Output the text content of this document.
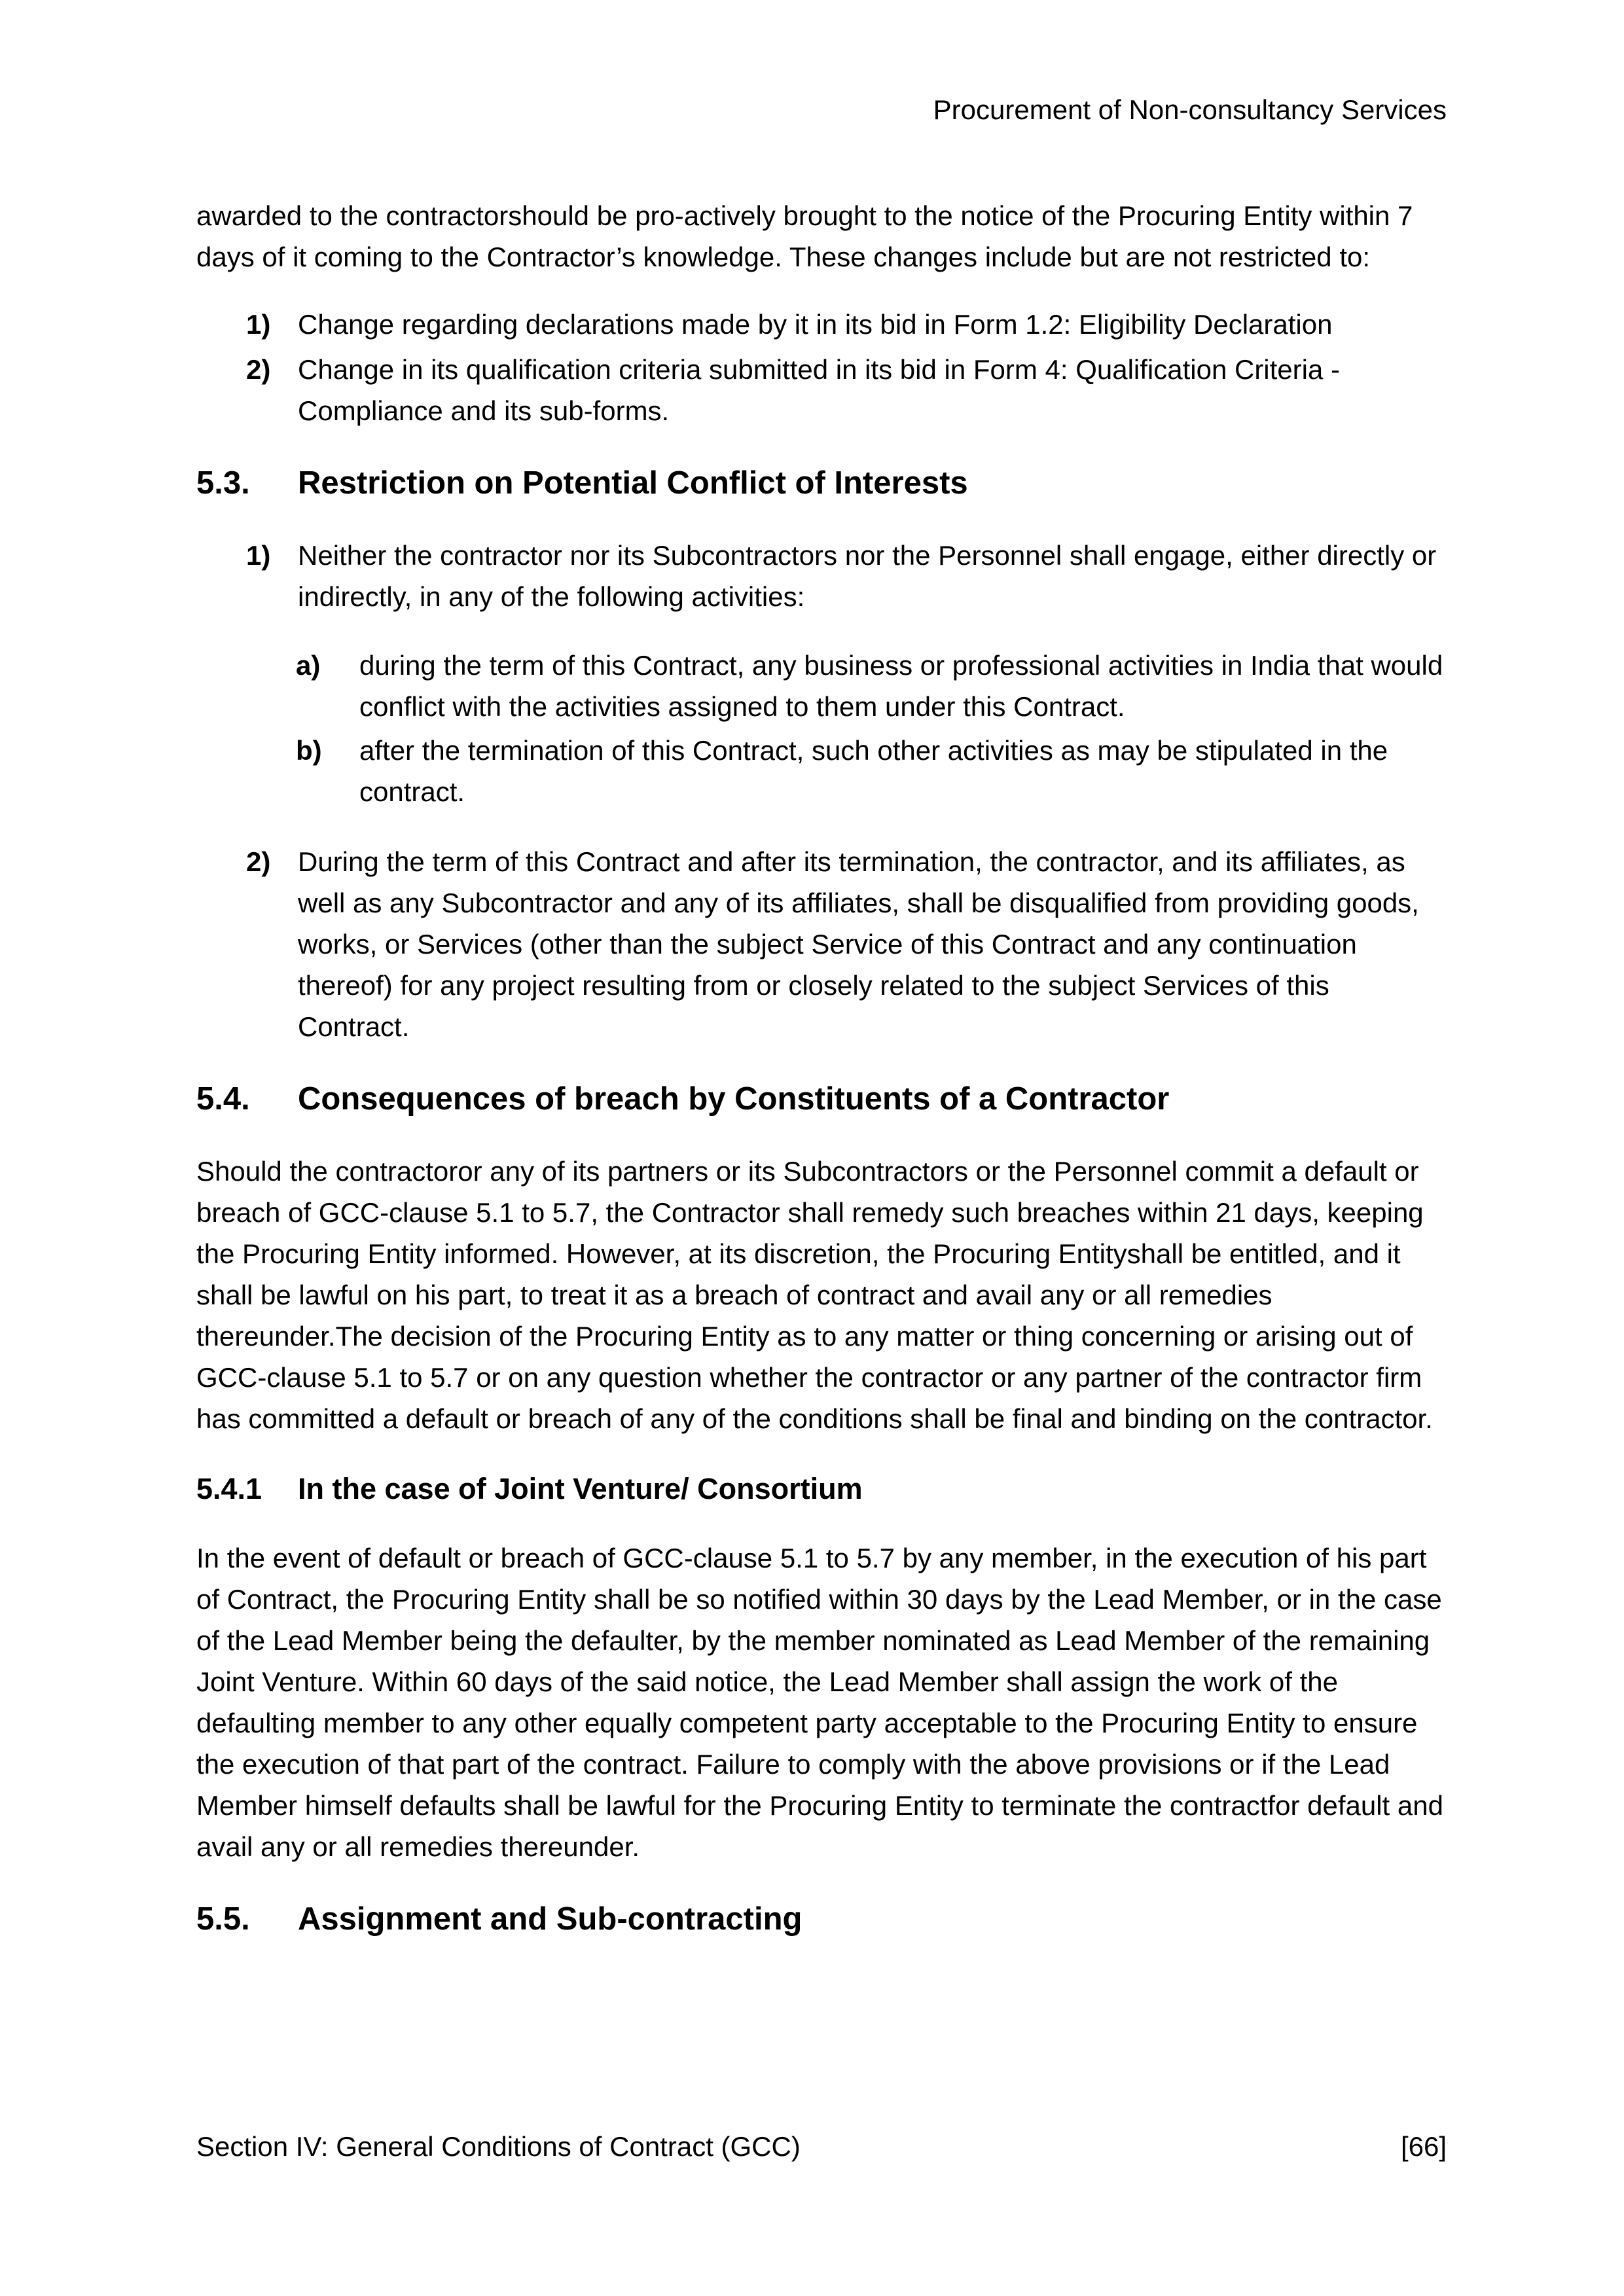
Procurement of Non-consultancy Services

awarded to the contractorshould be pro-actively brought to the notice of the Procuring Entity within 7 days of it coming to the Contractor’s knowledge. These changes include but are not restricted to:

1) Change regarding declarations made by it in its bid in Form 1.2: Eligibility Declaration
2) Change in its qualification criteria submitted in its bid in Form 4: Qualification Criteria - Compliance and its sub-forms.
5.3.	Restriction on Potential Conflict of Interests
1) Neither the contractor nor its Subcontractors nor the Personnel shall engage, either directly or indirectly, in any of the following activities:
a)	during the term of this Contract, any business or professional activities in India that would conflict with the activities assigned to them under this Contract.
b)	after the termination of this Contract, such other activities as may be stipulated in the contract.
2) During the term of this Contract and after its termination, the contractor, and its affiliates, as well as any Subcontractor and any of its affiliates, shall be disqualified from providing goods, works, or Services (other than the subject Service of this Contract and any continuation thereof) for any project resulting from or closely related to the subject Services of this Contract.
5.4.	Consequences of breach by Constituents of a Contractor

Should the contractoror any of its partners or its Subcontractors or the Personnel commit a default or breach of GCC-clause 5.1 to 5.7, the Contractor shall remedy such breaches within 21 days, keeping the Procuring Entity informed. However, at its discretion, the Procuring Entityshall be entitled, and it shall be lawful on his part, to treat it as a breach of contract and avail any or all remedies thereunder.The decision of the Procuring Entity as to any matter or thing concerning or arising out of GCC-clause 5.1 to 5.7 or on any question whether the contractor or any partner of the contractor firm has committed a default or breach of any of the conditions shall be final and binding on the contractor.

5.4.1	In the case of Joint Venture/ Consortium

In the event of default or breach of GCC-clause 5.1 to 5.7 by any member, in the execution of his part of Contract, the Procuring Entity shall be so notified within 30 days by the Lead Member, or in the case of the Lead Member being the defaulter, by the member nominated as Lead Member of the remaining Joint Venture. Within 60 days of the said notice, the Lead Member shall assign the work of the defaulting member to any other equally competent party acceptable to the Procuring Entity to ensure the execution of that part of the contract. Failure to comply with the above provisions or if the Lead Member himself defaults shall be lawful for the Procuring Entity to terminate the contractfor default and avail any or all remedies thereunder.

5.5.	Assignment and Sub-contracting
Section IV: General Conditions of Contract (GCC)	[66]
